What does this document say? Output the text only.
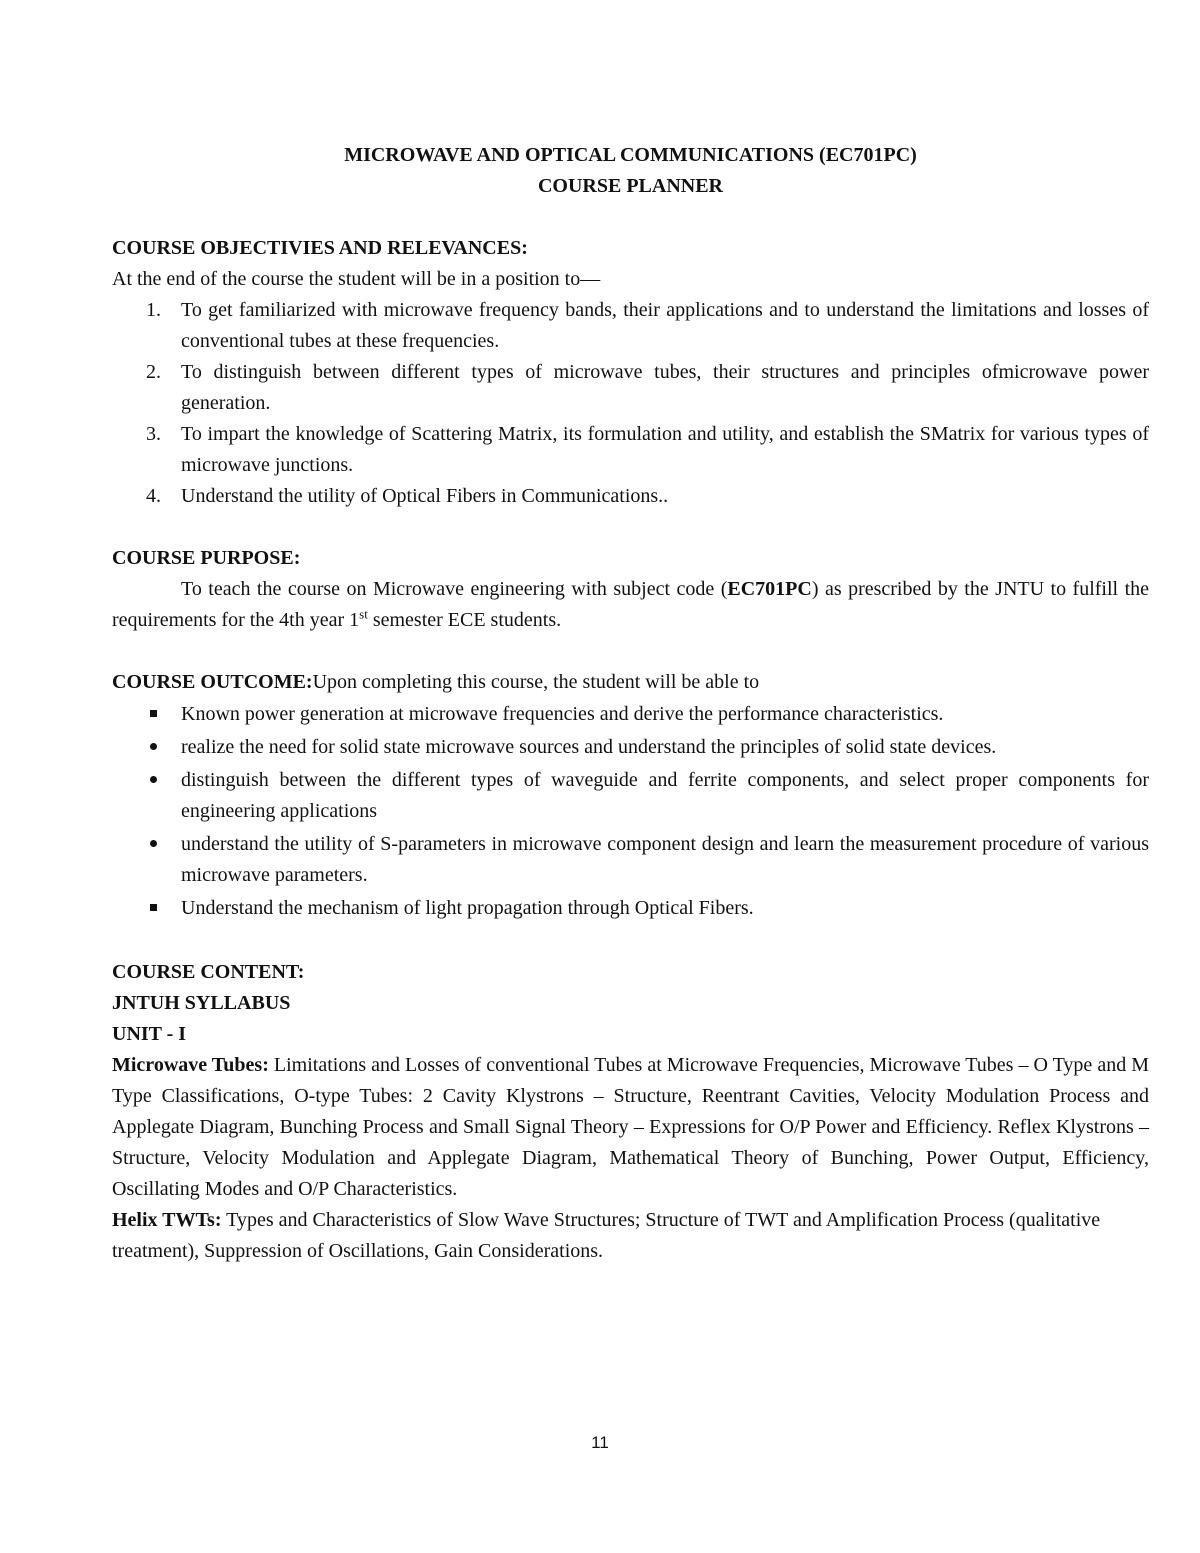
MICROWAVE AND OPTICAL COMMUNICATIONS (EC701PC)
COURSE PLANNER
COURSE OBJECTIVIES AND RELEVANCES:
At the end of the course the student will be in a position to—
1. To get familiarized with microwave frequency bands, their applications and to understand the limitations and losses of conventional tubes at these frequencies.
2. To distinguish between different types of microwave tubes, their structures and principles ofmicrowave power generation.
3. To impart the knowledge of Scattering Matrix, its formulation and utility, and establish the SMatrix for various types of microwave junctions.
4. Understand the utility of Optical Fibers in Communications..
COURSE PURPOSE:
To teach the course on Microwave engineering with subject code (EC701PC) as prescribed by the JNTU to fulfill the requirements for the 4th year 1st semester ECE students.
COURSE OUTCOME:Upon completing this course, the student will be able to
Known power generation at microwave frequencies and derive the performance characteristics.
realize the need for solid state microwave sources and understand the principles of solid state devices.
distinguish between the different types of waveguide and ferrite components, and select proper components for engineering applications
understand the utility of S-parameters in microwave component design and learn the measurement procedure of various microwave parameters.
Understand the mechanism of light propagation through Optical Fibers.
COURSE CONTENT:
JNTUH SYLLABUS
UNIT - I
Microwave Tubes: Limitations and Losses of conventional Tubes at Microwave Frequencies, Microwave Tubes – O Type and M Type Classifications, O-type Tubes: 2 Cavity Klystrons – Structure, Reentrant Cavities, Velocity Modulation Process and Applegate Diagram, Bunching Process and Small Signal Theory – Expressions for O/P Power and Efficiency. Reflex Klystrons – Structure, Velocity Modulation and Applegate Diagram, Mathematical Theory of Bunching, Power Output, Efficiency, Oscillating Modes and O/P Characteristics.
Helix TWTs: Types and Characteristics of Slow Wave Structures; Structure of TWT and Amplification Process (qualitative treatment), Suppression of Oscillations, Gain Considerations.
11
